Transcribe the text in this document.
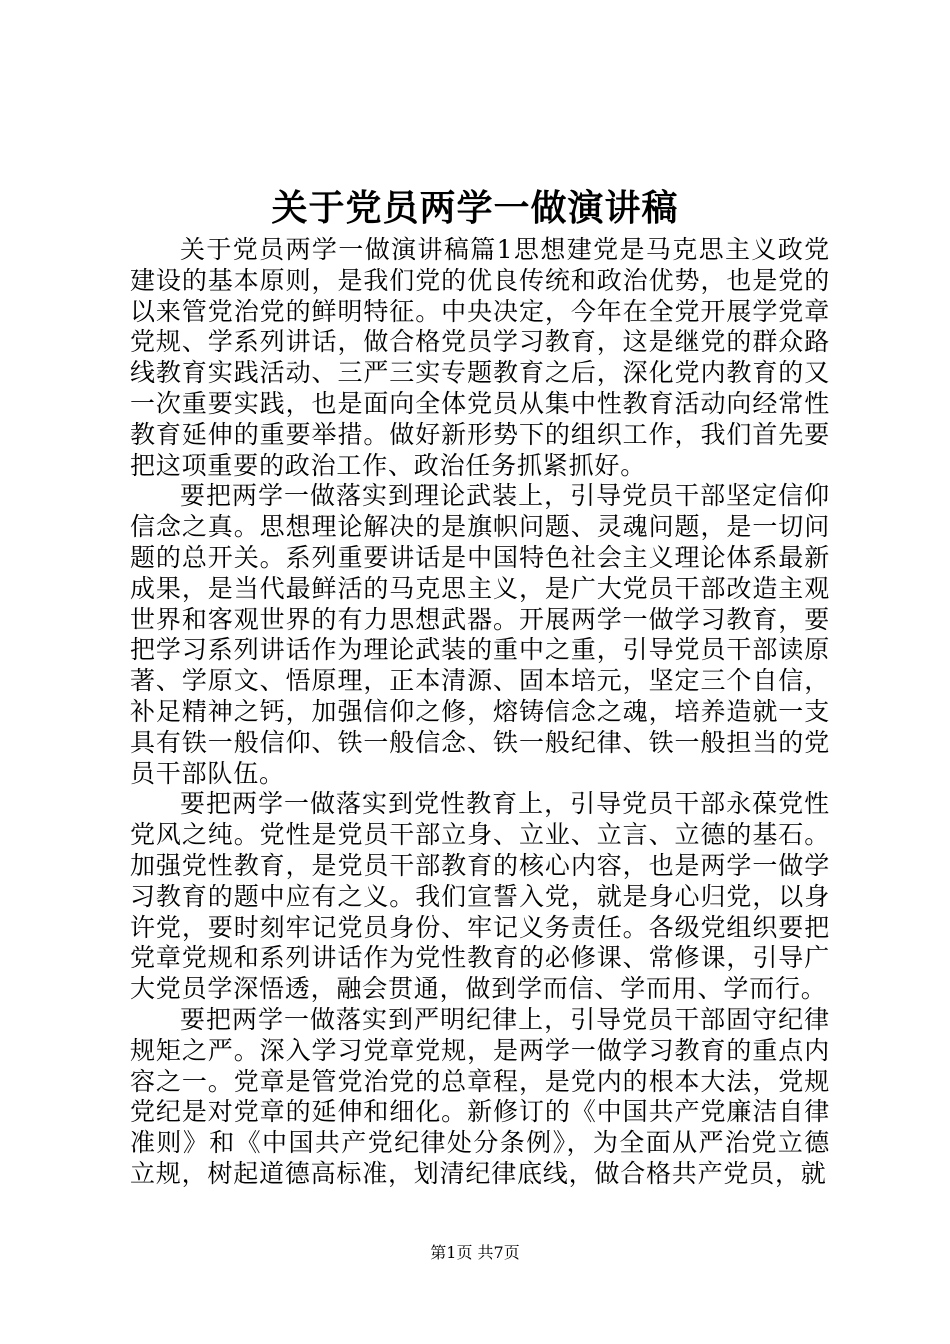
关于党员两学一做演讲稿

关于党员两学一做演讲稿篇1思想建党是马克思主义政党建设的基本原则，是我们党的优良传统和政治优势，也是党的以来管党治党的鲜明特征。中央决定，今年在全党开展学党章党规、学系列讲话，做合格党员学习教育，这是继党的群众路线教育实践活动、三严三实专题教育之后，深化党内教育的又一次重要实践，也是面向全体党员从集中性教育活动向经常性教育延伸的重要举措。做好新形势下的组织工作，我们首先要把这项重要的政治工作、政治任务抓紧抓好。

要把两学一做落实到理论武装上，引导党员干部坚定信仰信念之真。思想理论解决的是旗帜问题、灵魂问题，是一切问题的总开关。系列重要讲话是中国特色社会主义理论体系最新成果，是当代最鲜活的马克思主义，是广大党员干部改造主观世界和客观世界的有力思想武器。开展两学一做学习教育，要把学习系列讲话作为理论武装的重中之重，引导党员干部读原著、学原文、悟原理，正本清源、固本培元，坚定三个自信，补足精神之钙，加强信仰之修，熔铸信念之魂，培养造就一支具有铁一般信仰、铁一般信念、铁一般纪律、铁一般担当的党员干部队伍。

要把两学一做落实到党性教育上，引导党员干部永葆党性党风之纯。党性是党员干部立身、立业、立言、立德的基石。加强党性教育，是党员干部教育的核心内容，也是两学一做学习教育的题中应有之义。我们宣誓入党，就是身心归党，以身许党，要时刻牢记党员身份、牢记义务责任。各级党组织要把党章党规和系列讲话作为党性教育的必修课、常修课，引导广大党员学深悟透，融会贯通，做到学而信、学而用、学而行。

要把两学一做落实到严明纪律上，引导党员干部固守纪律规矩之严。深入学习党章党规，是两学一做学习教育的重点内容之一。党章是管党治党的总章程，是党内的根本大法，党规党纪是对党章的延伸和细化。新修订的《中国共产党廉洁自律准则》和《中国共产党纪律处分条例》，为全面从严治党立德立规，树起道德高标准，划清纪律底线，做合格共产党员，就

第1页 共7页
